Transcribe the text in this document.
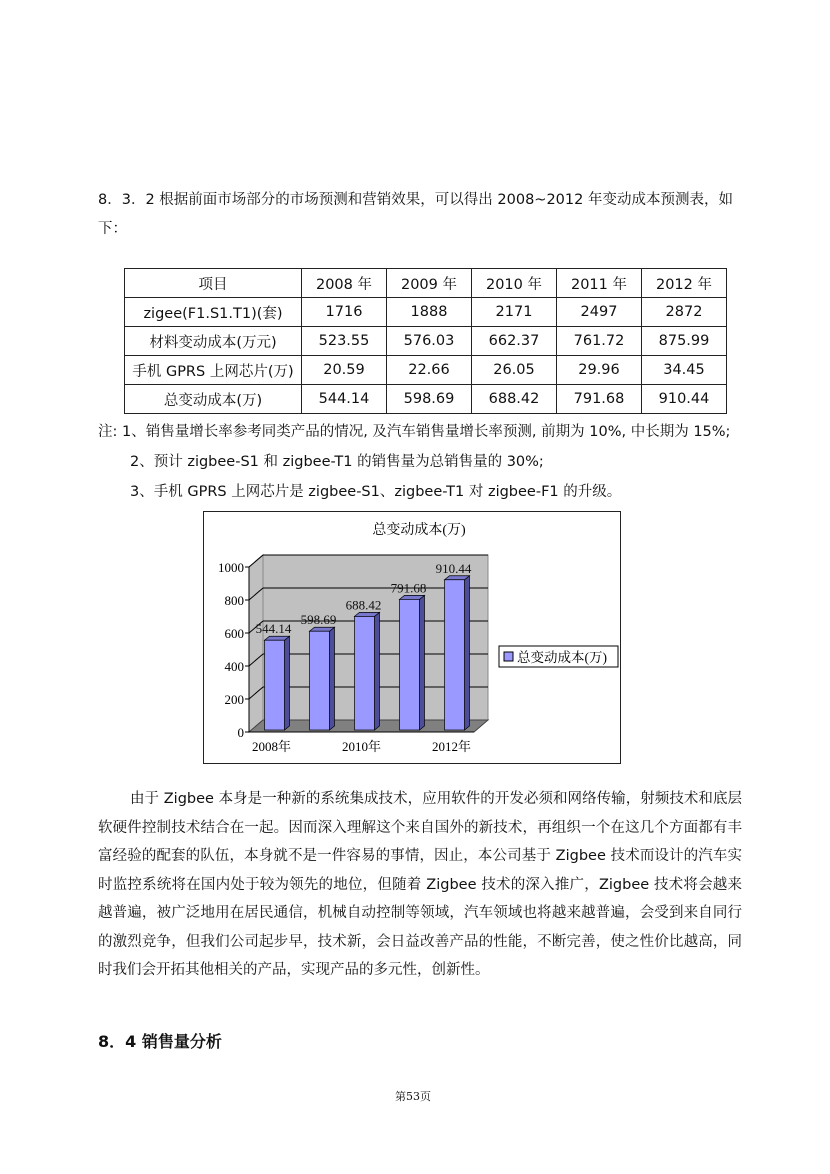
8．3．2 根据前面市场部分的市场预测和营销效果，可以得出 2008~2012 年变动成本预测表，如下：
项目	2008 年	2009 年	2010 年	2011 年	2012 年
zigee(F1.S1.T1)(套)	1716	1888	2171	2497	2872
材料变动成本(万元)	523.55	576.03	662.37	761.72	875.99
手机 GPRS 上网芯片(万)	20.59	22.66	26.05	29.96	34.45
总变动成本(万)	544.14	598.69	688.42	791.68	910.44
注: 1、销售量增长率参考同类产品的情况, 及汽车销售量增长率预测, 前期为 10%, 中长期为 15%;
2、预计 zigbee-S1 和 zigbee-T1 的销售量为总销售量的 30%;
3、手机 GPRS 上网芯片是 zigbee-S1、zigbee-T1 对 zigbee-F1 的升级。
0
200
400
600
800
1000
544.14
2008年
598.69
688.42
2010年
791.68
910.44
2012年
总变动成本(万)
总变动成本(万)
由于 Zigbee 本身是一种新的系统集成技术，应用软件的开发必须和网络传输，射频技术和底层软硬件控制技术结合在一起。因而深入理解这个来自国外的新技术，再组织一个在这几个方面都有丰富经验的配套的队伍，本身就不是一件容易的事情，因止，本公司基于 Zigbee 技术而设计的汽车实时监控系统将在国内处于较为领先的地位，但随着 Zigbee 技术的深入推广，Zigbee 技术将会越来越普遍，被广泛地用在居民通信，机械自动控制等领域，汽车领域也将越来越普遍，会受到来自同行的激烈竞争，但我们公司起步早，技术新，会日益改善产品的性能，不断完善，使之性价比越高，同时我们会开拓其他相关的产品，实现产品的多元性，创新性。
8．4 销售量分析
第53页
